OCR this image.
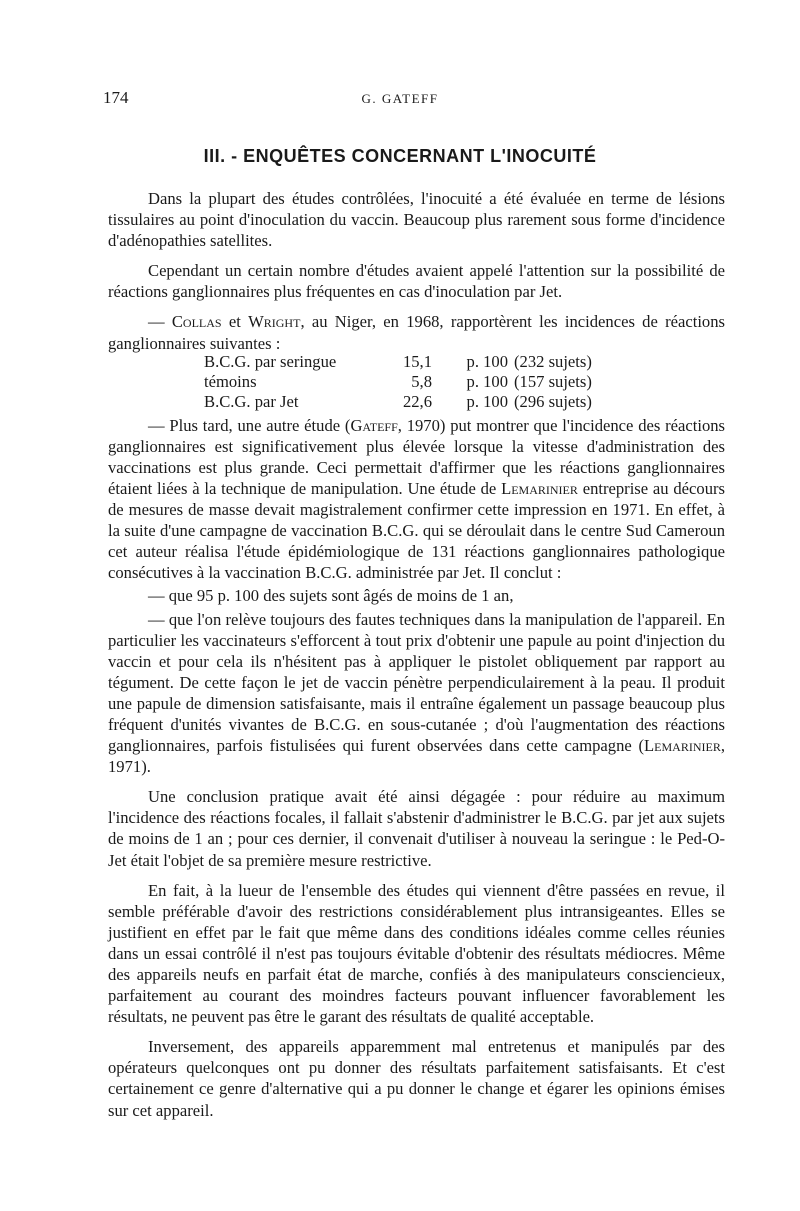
174	G. GATEFF
III. - ENQUÊTES CONCERNANT L'INOCUITÉ

Dans la plupart des études contrôlées, l'inocuité a été évaluée en terme de lésions tissulaires au point d'inoculation du vaccin. Beaucoup plus rarement sous forme d'incidence d'adénopathies satellites.

Cependant un certain nombre d'études avaient appelé l'attention sur la possibilité de réactions ganglionnaires plus fréquentes en cas d'inoculation par Jet.

— Collas et Wright, au Niger, en 1968, rapportèrent les incidences de réactions ganglionnaires suivantes :

B.C.G. par seringue	15,1	p. 100	(232 sujets)
témoins	5,8	p. 100	(157 sujets)
B.C.G. par Jet	22,6	p. 100	(296 sujets)

— Plus tard, une autre étude (Gateff, 1970) put montrer que l'incidence des réactions ganglionnaires est significativement plus élevée lorsque la vitesse d'administration des vaccinations est plus grande. Ceci permettait d'affirmer que les réactions ganglionnaires étaient liées à la technique de manipulation. Une étude de Lemarinier entreprise au décours de mesures de masse devait magistralement confirmer cette impression en 1971. En effet, à la suite d'une campagne de vaccination B.C.G. qui se déroulait dans le centre Sud Cameroun cet auteur réalisa l'étude épidémiologique de 131 réactions ganglionnaires pathologique consécutives à la vaccination B.C.G. administrée par Jet. Il conclut :

— que 95 p. 100 des sujets sont âgés de moins de 1 an,

— que l'on relève toujours des fautes techniques dans la manipulation de l'appareil. En particulier les vaccinateurs s'efforcent à tout prix d'obtenir une papule au point d'injection du vaccin et pour cela ils n'hésitent pas à appliquer le pistolet obliquement par rapport au tégument. De cette façon le jet de vaccin pénètre perpendiculairement à la peau. Il produit une papule de dimension satisfaisante, mais il entraîne également un passage beaucoup plus fréquent d'unités vivantes de B.C.G. en sous-cutanée ; d'où l'augmentation des réactions ganglionnaires, parfois fistulisées qui furent observées dans cette campagne (Lemarinier, 1971).

Une conclusion pratique avait été ainsi dégagée : pour réduire au maximum l'incidence des réactions focales, il fallait s'abstenir d'administrer le B.C.G. par jet aux sujets de moins de 1 an ; pour ces dernier, il convenait d'utiliser à nouveau la seringue : le Ped-O-Jet était l'objet de sa première mesure restrictive.

En fait, à la lueur de l'ensemble des études qui viennent d'être passées en revue, il semble préférable d'avoir des restrictions considérablement plus intransigeantes. Elles se justifient en effet par le fait que même dans des conditions idéales comme celles réunies dans un essai contrôlé il n'est pas toujours évitable d'obtenir des résultats médiocres. Même des appareils neufs en parfait état de marche, confiés à des manipulateurs consciencieux, parfaitement au courant des moindres facteurs pouvant influencer favorablement les résultats, ne peuvent pas être le garant des résultats de qualité acceptable.

Inversement, des appareils apparemment mal entretenus et manipulés par des opérateurs quelconques ont pu donner des résultats parfaitement satisfaisants. Et c'est certainement ce genre d'alternative qui a pu donner le change et égarer les opinions émises sur cet appareil.
